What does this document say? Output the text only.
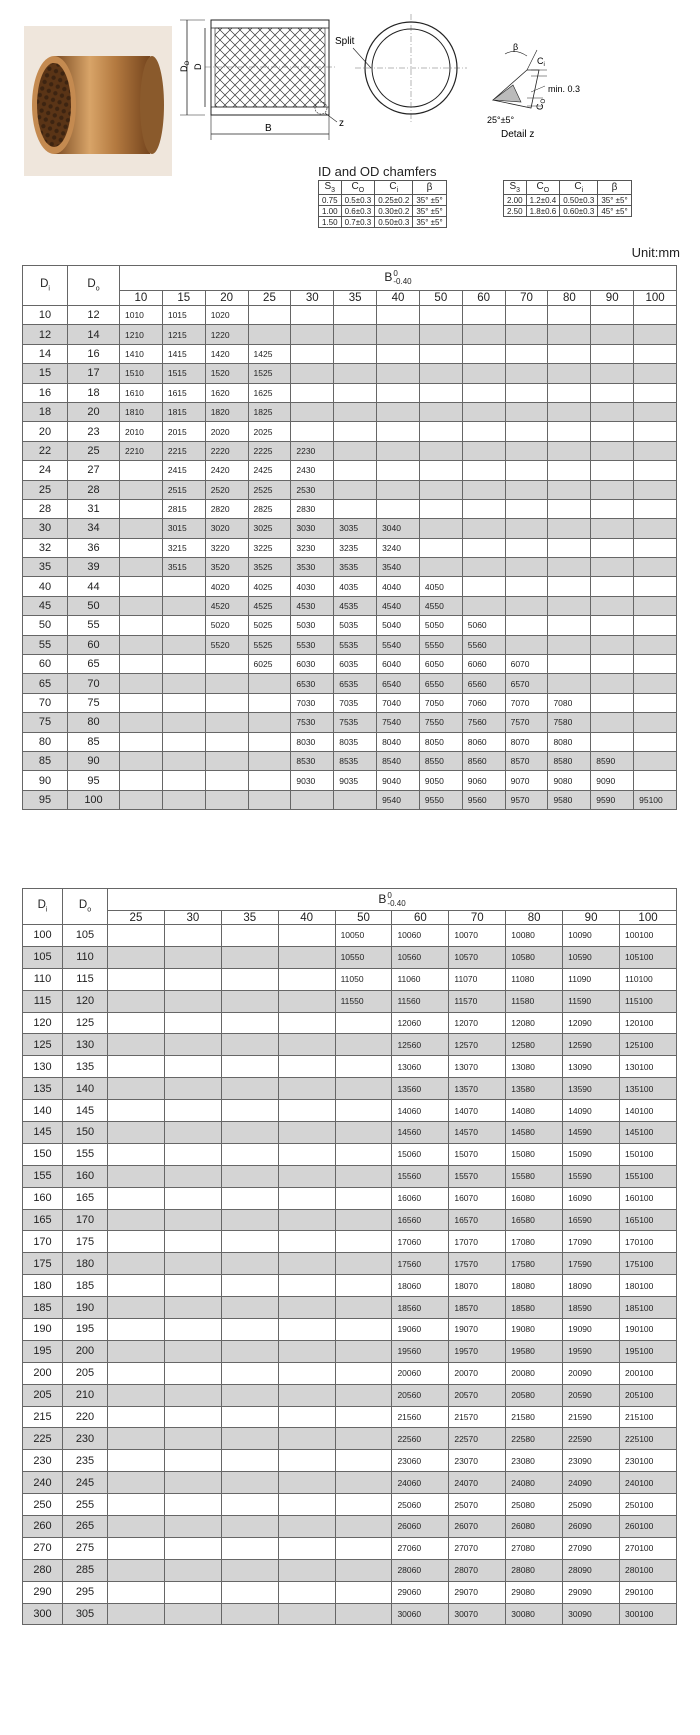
$D_O$
D
z
B
Split	β
$C_i$
min. 0.3
$C_O$
25°±5°
Detail z
ID and OD chamfers
$S_3$	$C_O$	$C_i$	β
0.75	0.5±0.3	0.25±0.2	35° ±5°
1.00	0.6±0.3	0.30±0.2	35° ±5°
1.50	0.7±0.3	0.50±0.3	35° ±5°
$S_3$	$C_O$	$C_i$	β
2.00	1.2±0.4	0.50±0.3	35° ±5°
2.50	1.8±0.6	0.60±0.3	45° ±5°
Unit:mm
$D_i$	$D_o$	B0
-0.40												
		10	15	20	25	30	35	40	50	60	70	80	90	100
10	12	1010	1015	1020										
12	14	1210	1215	1220										
14	16	1410	1415	1420	1425									
15	17	1510	1515	1520	1525									
16	18	1610	1615	1620	1625									
18	20	1810	1815	1820	1825									
20	23	2010	2015	2020	2025									
22	25	2210	2215	2220	2225	2230								
24	27		2415	2420	2425	2430								
25	28		2515	2520	2525	2530								
28	31		2815	2820	2825	2830								
30	34		3015	3020	3025	3030	3035	3040						
32	36		3215	3220	3225	3230	3235	3240						
35	39		3515	3520	3525	3530	3535	3540						
40	44			4020	4025	4030	4035	4040	4050					
45	50			4520	4525	4530	4535	4540	4550					
50	55			5020	5025	5030	5035	5040	5050	5060				
55	60			5520	5525	5530	5535	5540	5550	5560				
60	65				6025	6030	6035	6040	6050	6060	6070			
65	70					6530	6535	6540	6550	6560	6570			
70	75					7030	7035	7040	7050	7060	7070	7080		
75	80					7530	7535	7540	7550	7560	7570	7580		
80	85					8030	8035	8040	8050	8060	8070	8080		
85	90					8530	8535	8540	8550	8560	8570	8580	8590	
90	95					9030	9035	9040	9050	9060	9070	9080	9090	
95	100							9540	9550	9560	9570	9580	9590	95100
$D_i$	$D_o$	B0
-0.40									
		25	30	35	40	50	60	70	80	90	100
100	105					10050	10060	10070	10080	10090	100100
105	110					10550	10560	10570	10580	10590	105100
110	115					11050	11060	11070	11080	11090	110100
115	120					11550	11560	11570	11580	11590	115100
120	125						12060	12070	12080	12090	120100
125	130						12560	12570	12580	12590	125100
130	135						13060	13070	13080	13090	130100
135	140						13560	13570	13580	13590	135100
140	145						14060	14070	14080	14090	140100
145	150						14560	14570	14580	14590	145100
150	155						15060	15070	15080	15090	150100
155	160						15560	15570	15580	15590	155100
160	165						16060	16070	16080	16090	160100
165	170						16560	16570	16580	16590	165100
170	175						17060	17070	17080	17090	170100
175	180						17560	17570	17580	17590	175100
180	185						18060	18070	18080	18090	180100
185	190						18560	18570	18580	18590	185100
190	195						19060	19070	19080	19090	190100
195	200						19560	19570	19580	19590	195100
200	205						20060	20070	20080	20090	200100
205	210						20560	20570	20580	20590	205100
215	220						21560	21570	21580	21590	215100
225	230						22560	22570	22580	22590	225100
230	235						23060	23070	23080	23090	230100
240	245						24060	24070	24080	24090	240100
250	255						25060	25070	25080	25090	250100
260	265						26060	26070	26080	26090	260100
270	275						27060	27070	27080	27090	270100
280	285						28060	28070	28080	28090	280100
290	295						29060	29070	29080	29090	290100
300	305						30060	30070	30080	30090	300100
